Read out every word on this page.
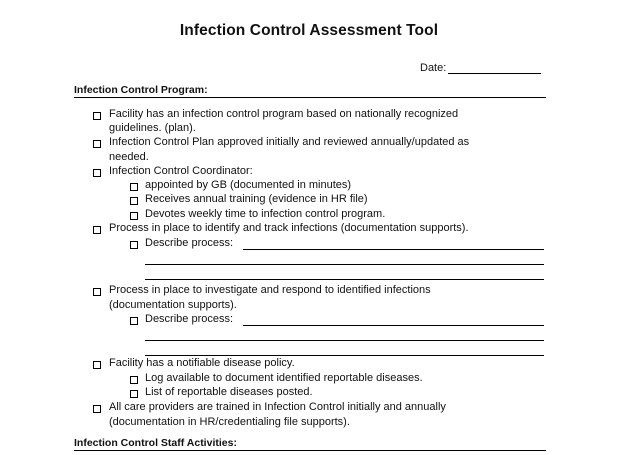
Infection Control Assessment Tool
Date:
Infection Control Program:
Facility has an infection control program based on nationally recognized
guidelines. (plan).
Infection Control Plan approved initially and reviewed annually/updated as
needed.
Infection Control Coordinator:
appointed by GB (documented in minutes)
Receives annual training (evidence in HR file)
Devotes weekly time to infection control program.
Process in place to identify and track infections (documentation supports).
Describe process:
Process in place to investigate and respond to identified infections
(documentation supports).
Describe process:
Facility has a notifiable disease policy.
Log available to document identified reportable diseases.
List of reportable diseases posted.
All care providers are trained in Infection Control initially and annually
(documentation in HR/credentialing file supports).
Infection Control Staff Activities:
